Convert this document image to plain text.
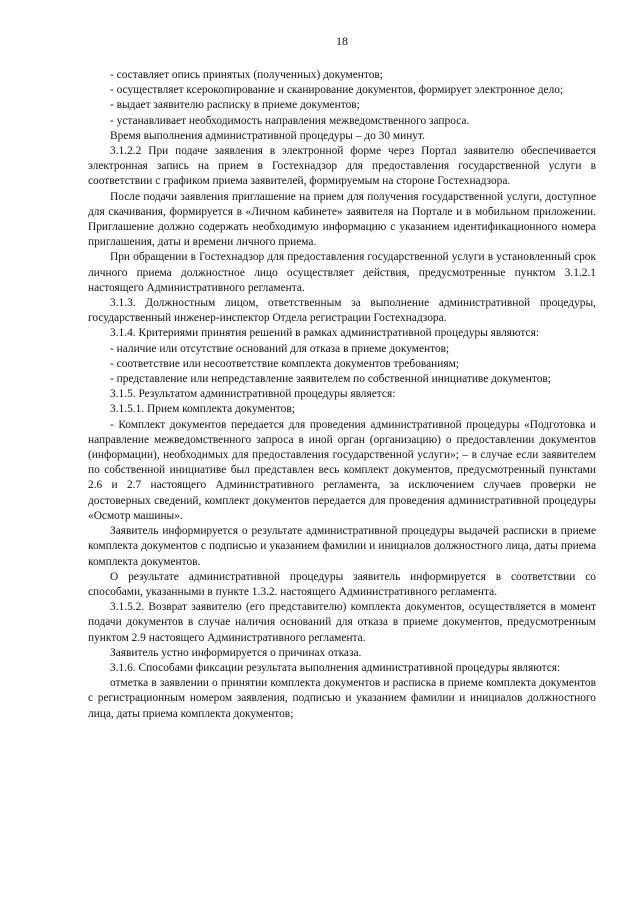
18

- составляет опись принятых (полученных) документов;

- осуществляет ксерокопирование и сканирование документов, формирует электронное дело;

- выдает заявителю расписку в приеме документов;

- устанавливает необходимость направления межведомственного запроса.

Время выполнения административной процедуры – до 30 минут.

3.1.2.2 При подаче заявления в электронной форме через Портал заявителю обеспечивается электронная запись на прием в Гостехнадзор для предоставления государственной услуги в соответствии с графиком приема заявителей, формируемым на стороне Гостехнадзора.

После подачи заявления приглашение на прием для получения государственной услуги, доступное для скачивания, формируется в «Личном кабинете» заявителя на Портале и в мобильном приложении. Приглашение должно содержать необходимую информацию с указанием идентификационного номера приглашения, даты и времени личного приема.

При обращении в Гостехнадзор для предоставления государственной услуги в установленный срок личного приема должностное лицо осуществляет действия, предусмотренные пунктом 3.1.2.1 настоящего Административного регламента.

3.1.3. Должностным лицом, ответственным за выполнение административной процедуры, государственный инженер-инспектор Отдела регистрации Гостехнадзора.

3.1.4. Критериями принятия решений в рамках административной процедуры являются:

- наличие или отсутствие оснований для отказа в приеме документов;

- соответствие или несоответствие комплекта документов требованиям;

- представление или непредставление заявителем по собственной инициативе документов;

3.1.5. Результатом административной процедуры является:

3.1.5.1. Прием комплекта документов;

- Комплект документов передается для проведения административной процедуры «Подготовка и направление межведомственного запроса в иной орган (организацию) о предоставлении документов (информации), необходимых для предоставления государственной услуги»; – в случае если заявителем по собственной инициативе был представлен весь комплект документов, предусмотренный пунктами 2.6 и 2.7 настоящего Административного регламента, за исключением случаев проверки не достоверных сведений, комплект документов передается для проведения административной процедуры «Осмотр машины».

Заявитель информируется о результате административной процедуры выдачей расписки в приеме комплекта документов с подписью и указанием фамилии и инициалов должностного лица, даты приема комплекта документов.

О результате административной процедуры заявитель информируется в соответствии со способами, указанными в пункте 1.3.2. настоящего Административного регламента.

3.1.5.2. Возврат заявителю (его представителю) комплекта документов, осуществляется в момент подачи документов в случае наличия оснований для отказа в приеме документов, предусмотренным пунктом 2.9 настоящего Административного регламента.

Заявитель устно информируется о причинах отказа.

3.1.6. Способами фиксации результата выполнения административной процедуры являются:

отметка в заявлении о принятии комплекта документов и расписка в приеме комплекта документов с регистрационным номером заявления, подписью и указанием фамилии и инициалов должностного лица, даты приема комплекта документов;
